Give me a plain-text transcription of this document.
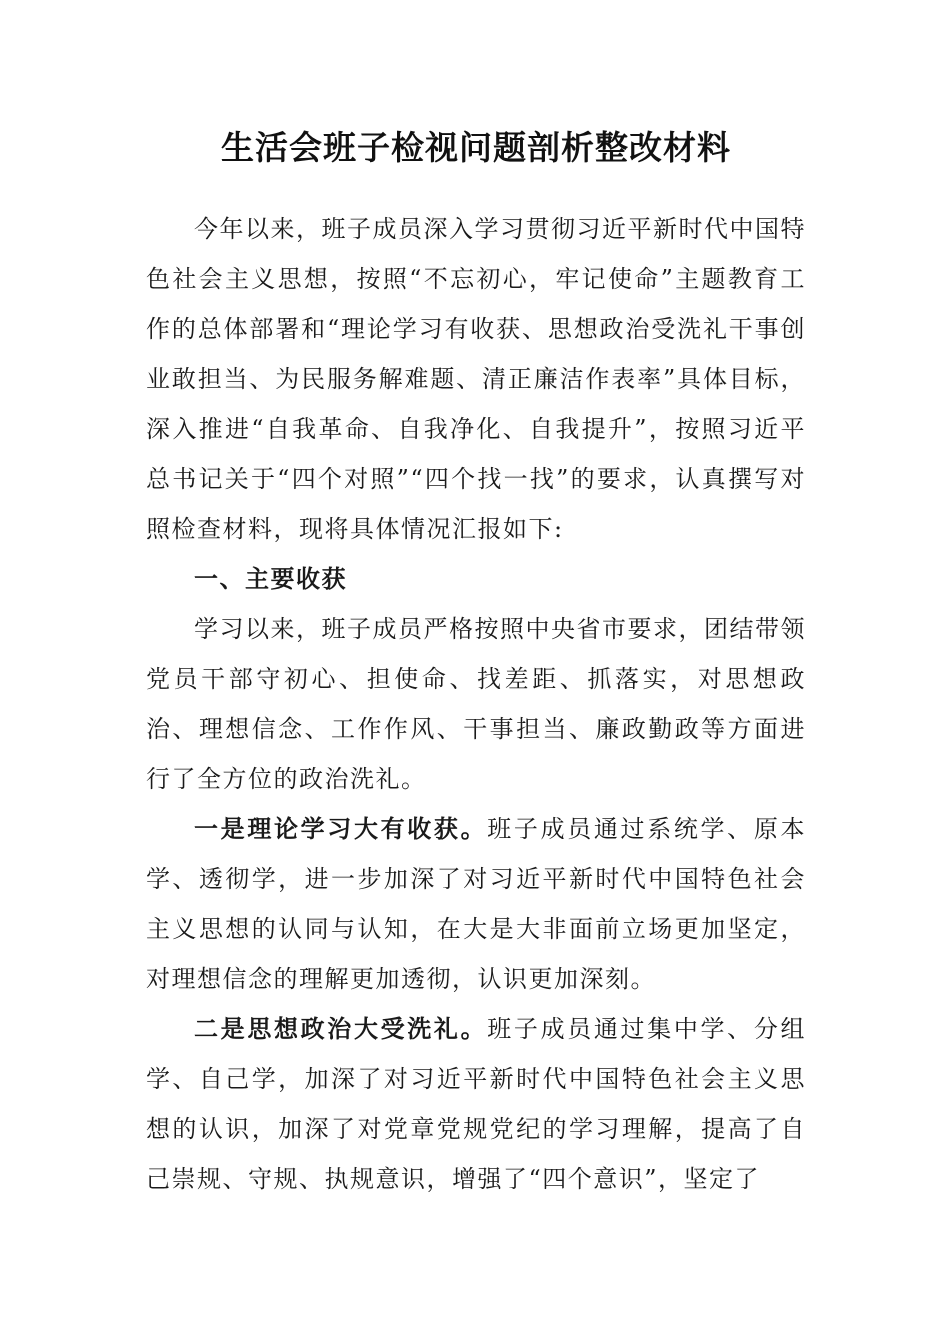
生活会班子检视问题剖析整改材料

今年以来，班子成员深入学习贯彻习近平新时代中国特色社会主义思想，按照“不忘初心，牢记使命”主题教育工作的总体部署和“理论学习有收获、思想政治受洗礼干事创业敢担当、为民服务解难题、清正廉洁作表率”具体目标，深入推进“自我革命、自我净化、自我提升”，按照习近平总书记关于“四个对照”“四个找一找”的要求，认真撰写对照检查材料，现将具体情况汇报如下:

一、主要收获

学习以来，班子成员严格按照中央省市要求，团结带领党员干部守初心、担使命、找差距、抓落实，对思想政治、理想信念、工作作风、干事担当、廉政勤政等方面进行了全方位的政治洗礼。

一是理论学习大有收获。班子成员通过系统学、原本学、透彻学，进一步加深了对习近平新时代中国特色社会主义思想的认同与认知，在大是大非面前立场更加坚定，对理想信念的理解更加透彻，认识更加深刻。

二是思想政治大受洗礼。班子成员通过集中学、分组学、自己学，加深了对习近平新时代中国特色社会主义思想的认识，加深了对党章党规党纪的学习理解，提高了自己崇规、守规、执规意识，增强了“四个意识”，坚定了
